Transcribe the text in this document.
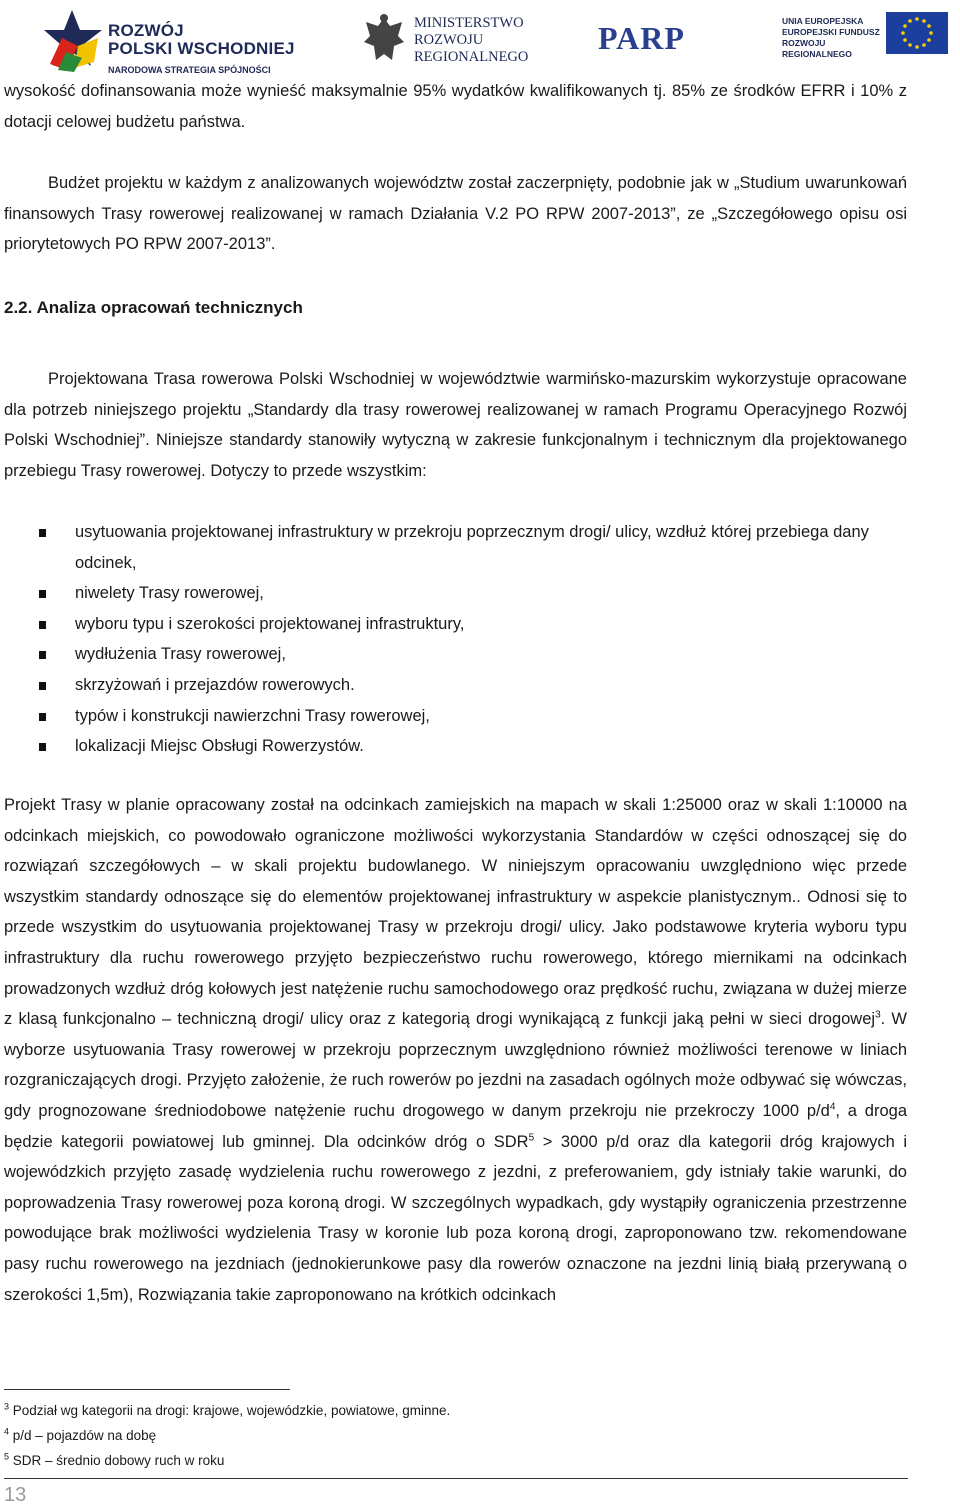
ROZWÓJ
POLSKI WSCHODNIEJ
NARODOWA STRATEGIA SPÓJNOŚCI
MINISTERSTWO
ROZWOJU
REGIONALNEGO
PARP	UNIA EUROPEJSKA
EUROPEJSKI FUNDUSZ
ROZWOJU REGIONALNEGO

wysokość dofinansowania może wynieść maksymalnie 95% wydatków kwalifikowanych tj. 85% ze środków EFRR i 10% z dotacji celowej budżetu państwa.

Budżet projektu w każdym z analizowanych województw został zaczerpnięty, podobnie jak w „Studium uwarunkowań finansowych Trasy rowerowej realizowanej w ramach Działania V.2 PO RPW 2007-2013”, ze „Szczegółowego opisu osi priorytetowych PO RPW 2007-2013”.

2.2. Analiza opracowań technicznych

Projektowana Trasa rowerowa Polski Wschodniej w województwie warmińsko-mazurskim wykorzystuje opracowane dla potrzeb niniejszego projektu „Standardy dla trasy rowerowej realizowanej w ramach Programu Operacyjnego Rozwój Polski Wschodniej”. Niniejsze standardy stanowiły wytyczną w zakresie funkcjonalnym i technicznym dla projektowanego przebiegu Trasy rowerowej. Dotyczy to przede wszystkim:

usytuowania projektowanej infrastruktury w przekroju poprzecznym drogi/ ulicy, wzdłuż której przebiega dany odcinek,
niwelety Trasy rowerowej,
wyboru typu i szerokości projektowanej infrastruktury,
wydłużenia Trasy rowerowej,
skrzyżowań i przejazdów rowerowych.
typów i konstrukcji nawierzchni Trasy rowerowej,
lokalizacji Miejsc Obsługi Rowerzystów.

Projekt Trasy w planie opracowany został na odcinkach zamiejskich na mapach w skali 1:25000 oraz w skali 1:10000 na odcinkach miejskich, co powodowało ograniczone możliwości wykorzystania Standardów w części odnoszącej się do rozwiązań szczegółowych – w skali projektu budowlanego. W niniejszym opracowaniu uwzględniono więc przede wszystkim standardy odnoszące się do elementów projektowanej infrastruktury w aspekcie planistycznym.. Odnosi się to przede wszystkim do usytuowania projektowanej Trasy w przekroju drogi/ ulicy. Jako podstawowe kryteria wyboru typu infrastruktury dla ruchu rowerowego przyjęto bezpieczeństwo ruchu rowerowego, którego miernikami na odcinkach prowadzonych wzdłuż dróg kołowych jest natężenie ruchu samochodowego oraz prędkość ruchu, związana w dużej mierze z klasą funkcjonalno – techniczną drogi/ ulicy oraz z kategorią drogi wynikającą z funkcji jaką pełni w sieci drogowej$^3$. W wyborze usytuowania Trasy rowerowej w przekroju poprzecznym uwzględniono również możliwości terenowe w liniach rozgraniczających drogi. Przyjęto założenie, że ruch rowerów po jezdni na zasadach ogólnych może odbywać się wówczas, gdy prognozowane średniodobowe natężenie ruchu drogowego w danym przekroju nie przekroczy 1000 $p/d^4$, a droga będzie kategorii powiatowej lub gminnej. Dla odcinków dróg o $SDR^5 > 3000$ p/d oraz dla kategorii dróg krajowych i wojewódzkich przyjęto zasadę wydzielenia ruchu rowerowego z jezdni, z preferowaniem, gdy istniały takie warunki, do poprowadzenia Trasy rowerowej poza koroną drogi. W szczególnych wypadkach, gdy wystąpiły ograniczenia przestrzenne powodujące brak możliwości wydzielenia Trasy w koronie lub poza koroną drogi, zaproponowano tzw. rekomendowane pasy ruchu rowerowego na jezdniach (jednokierunkowe pasy dla rowerów oznaczone na jezdni linią białą przerywaną o szerokości 1,5m), Rozwiązania takie zaproponowano na krótkich odcinkach

$^3$ Podział wg kategorii na drogi: krajowe, wojewódzkie, powiatowe, gminne.
$^4$ p/d – pojazdów na dobę
$^5$ SDR – średnio dobowy ruch w roku
13
